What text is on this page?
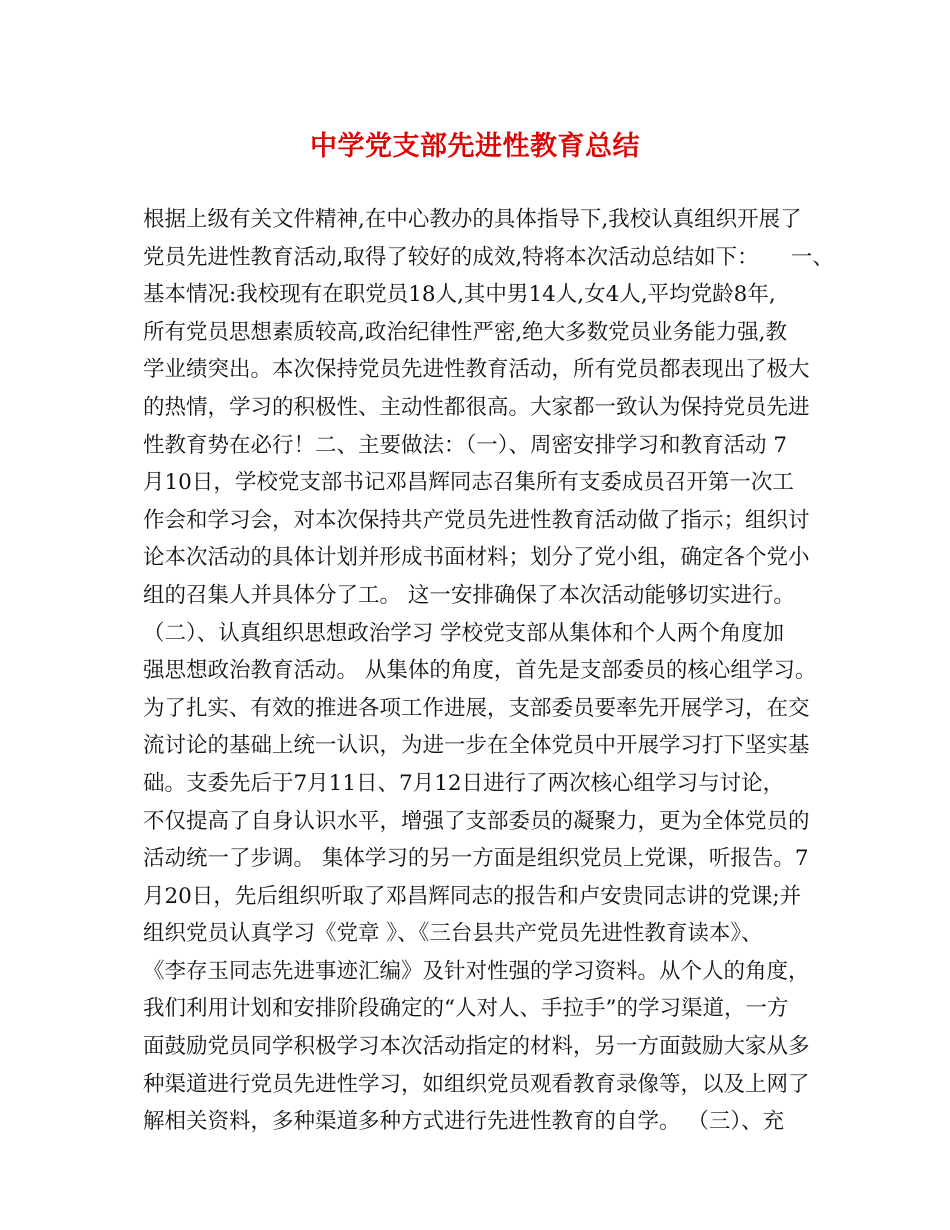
中学党支部先进性教育总结
根据上级有关文件精神,在中心教办的具体指导下,我校认真组织开展了
党员先进性教育活动,取得了较好的成效,特将本次活动总结如下：　　一、
基本情况:我校现有在职党员18人,其中男14人,女4人,平均党龄8年,
所有党员思想素质较高,政治纪律性严密,绝大多数党员业务能力强,教
学业绩突出。本次保持党员先进性教育活动，所有党员都表现出了极大
的热情，学习的积极性、主动性都很高。大家都一致认为保持党员先进
性教育势在必行！二、主要做法：（一）、周密安排学习和教育活动 7
月10日，学校党支部书记邓昌辉同志召集所有支委成员召开第一次工
作会和学习会，对本次保持共产党员先进性教育活动做了指示；组织讨
论本次活动的具体计划并形成书面材料；划分了党小组，确定各个党小
组的召集人并具体分了工。 这一安排确保了本次活动能够切实进行。
（二）、认真组织思想政治学习 学校党支部从集体和个人两个角度加
强思想政治教育活动。 从集体的角度，首先是支部委员的核心组学习。
为了扎实、有效的推进各项工作进展，支部委员要率先开展学习，在交
流讨论的基础上统一认识，为进一步在全体党员中开展学习打下坚实基
础。支委先后于7月11日、7月12日进行了两次核心组学习与讨论，
不仅提高了自身认识水平，增强了支部委员的凝聚力，更为全体党员的
活动统一了步调。 集体学习的另一方面是组织党员上党课，听报告。7
月20日，先后组织听取了邓昌辉同志的报告和卢安贵同志讲的党课;并
组织党员认真学习《党章 》、《三台县共产党员先进性教育读本》、
《李存玉同志先进事迹汇编》及针对性强的学习资料。从个人的角度，
我们利用计划和安排阶段确定的“人对人、手拉手”的学习渠道，一方
面鼓励党员同学积极学习本次活动指定的材料，另一方面鼓励大家从多
种渠道进行党员先进性学习，如组织党员观看教育录像等，以及上网了
解相关资料，多种渠道多种方式进行先进性教育的自学。 （三）、充
